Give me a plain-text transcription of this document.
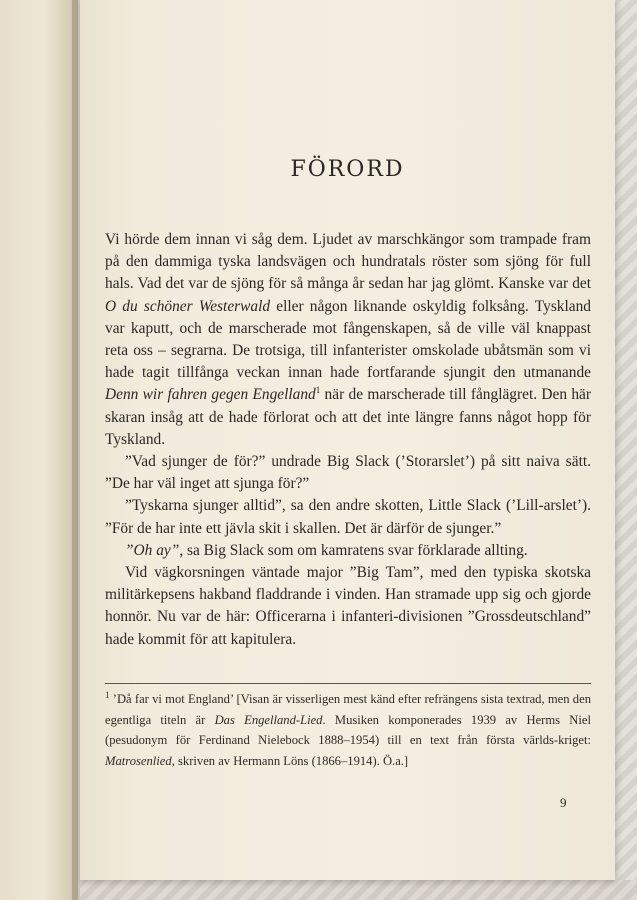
FÖRORD

Vi hörde dem innan vi såg dem. Ljudet av marschkängor som trampade fram på den dammiga tyska landsvägen och hundratals röster som sjöng för full hals. Vad det var de sjöng för så många år sedan har jag glömt. Kanske var det O du schöner Westerwald eller någon liknande oskyldig folksång. Tyskland var kaputt, och de marscherade mot fångenskapen, så de ville väl knappast reta oss – segrarna. De trotsiga, till infanterister omskolade ubåtsmän som vi hade tagit tillfånga veckan innan hade fortfarande sjungit den utmanande Denn wir fahren gegen Engelland$^1$ när de marscherade till fånglägret. Den här skaran insåg att de hade förlorat och att det inte längre fanns något hopp för Tyskland.

”Vad sjunger de för?” undrade Big Slack (’Storarslet’) på sitt naiva sätt. ”De har väl inget att sjunga för?”

”Tyskarna sjunger alltid”, sa den andre skotten, Little Slack (’Lill-arslet’). ”För de har inte ett jävla skit i skallen. Det är därför de sjunger.”

”Oh ay”, sa Big Slack som om kamratens svar förklarade allting.

Vid vägkorsningen väntade major ”Big Tam”, med den typiska skotska militärkepsens hakband fladdrande i vinden. Han stramade upp sig och gjorde honnör. Nu var de här: Officerarna i infanteri-divisionen ”Grossdeutschland” hade kommit för att kapitulera.

$^1$ ’Då far vi mot England’ [Visan är visserligen mest känd efter refrängens sista textrad, men den egentliga titeln är Das Engelland-Lied. Musiken komponerades 1939 av Herms Niel (pesudonym för Ferdinand Nielebock 1888–1954) till en text från första världs-kriget: Matrosenlied, skriven av Hermann Löns (1866–1914). Ö.a.]
9
